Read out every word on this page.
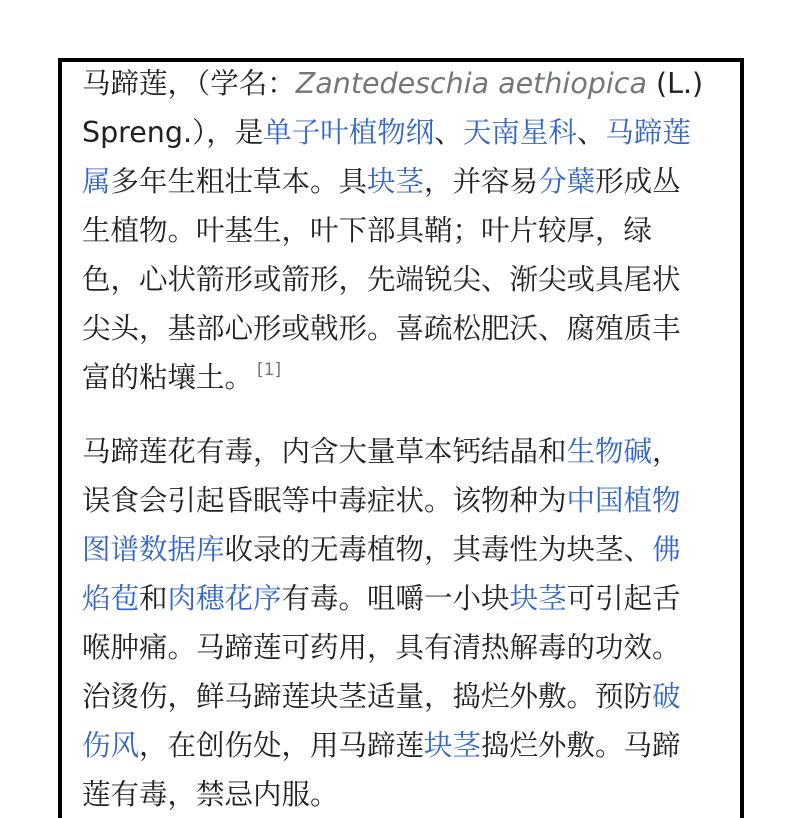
马蹄莲，（学名：Zantedeschia aethiopica (L.)
Spreng.），是单子叶植物纲、天南星科、马蹄莲
属多年生粗壮草本。具块茎，并容易分蘖形成丛
生植物。叶基生，叶下部具鞘；叶片较厚，绿
色，心状箭形或箭形，先端锐尖、渐尖或具尾状
尖头，基部心形或戟形。喜疏松肥沃、腐殖质丰
富的粘壤土。 [1]
马蹄莲花有毒，内含大量草本钙结晶和生物碱，
误食会引起昏眠等中毒症状。该物种为中国植物
图谱数据库收录的无毒植物，其毒性为块茎、佛
焰苞和肉穗花序有毒。咀嚼一小块块茎可引起舌
喉肿痛。马蹄莲可药用，具有清热解毒的功效。
治烫伤，鲜马蹄莲块茎适量，捣烂外敷。预防破
伤风，在创伤处，用马蹄莲块茎捣烂外敷。马蹄
莲有毒，禁忌内服。
